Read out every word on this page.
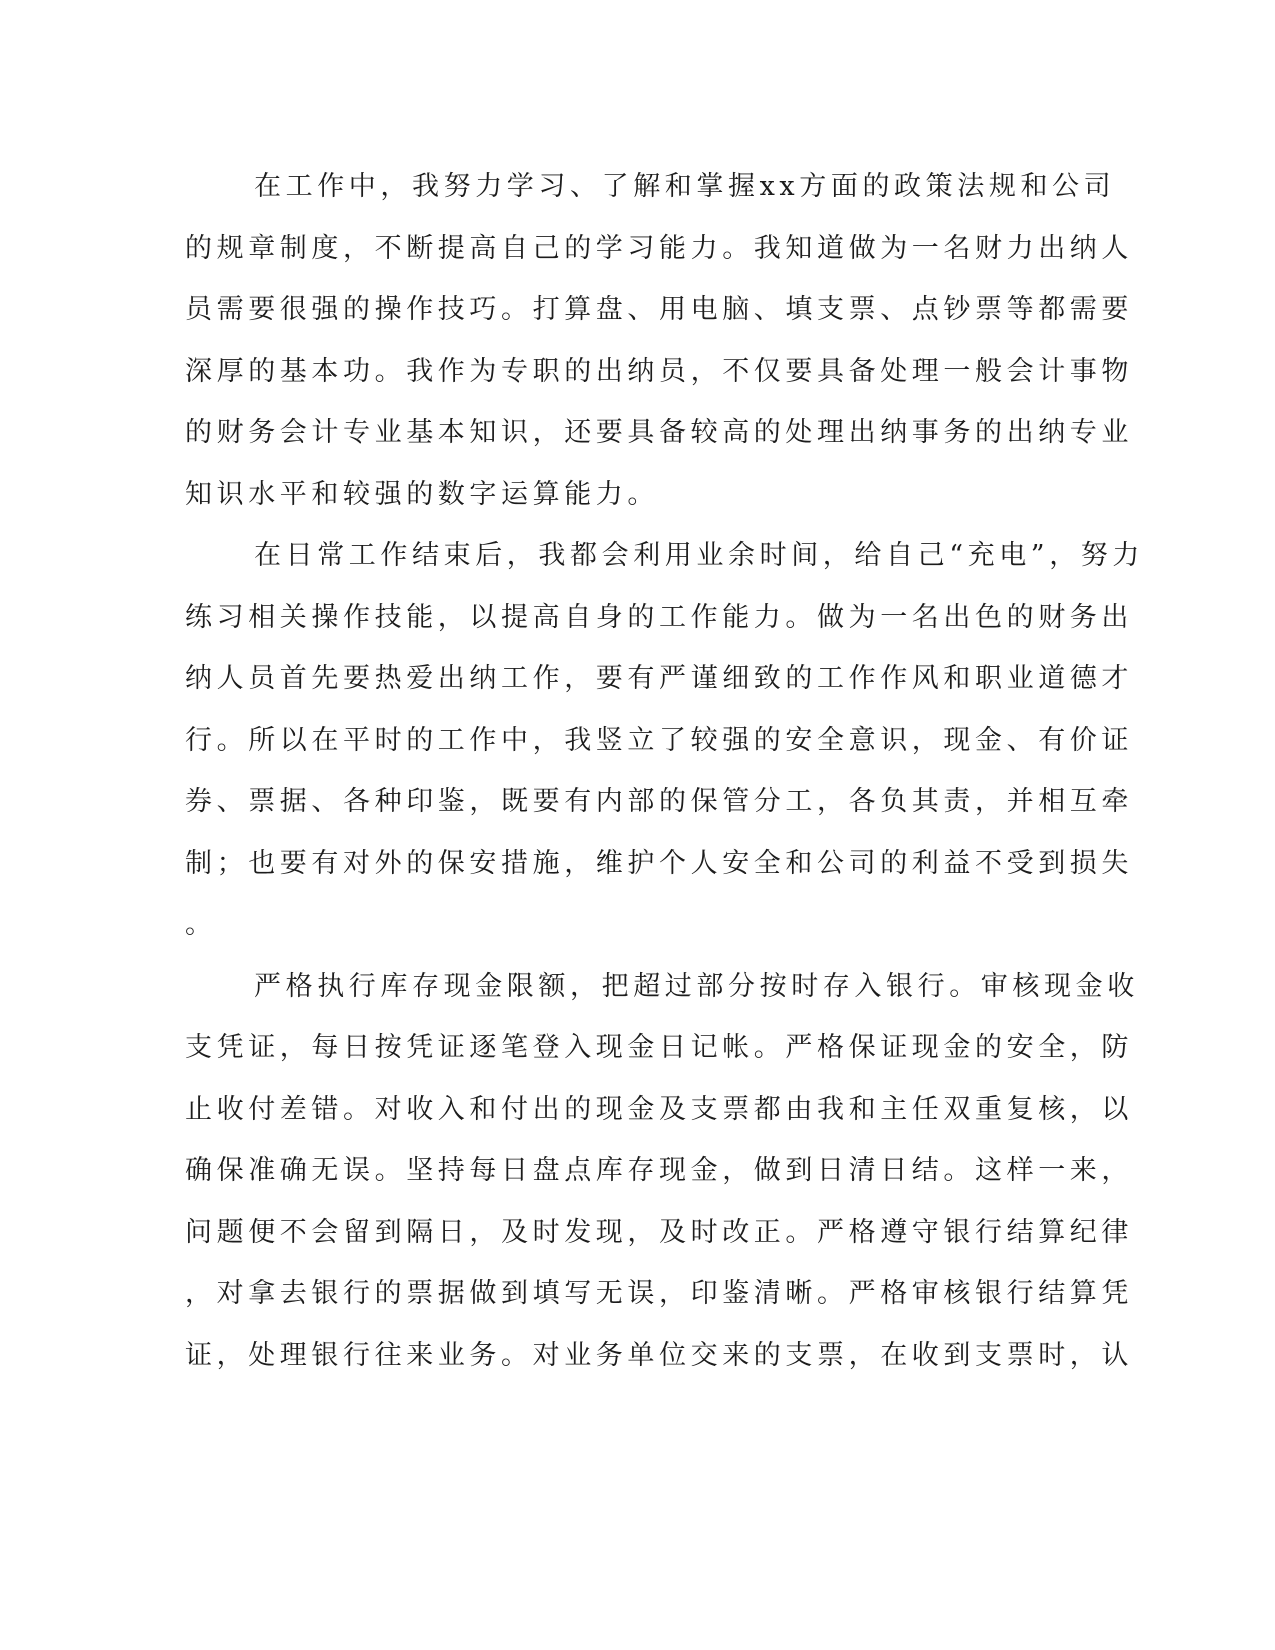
在工作中，我努力学习、了解和掌握xx方面的政策法规和公司
的规章制度，不断提高自己的学习能力。我知道做为一名财力出纳人
员需要很强的操作技巧。打算盘、用电脑、填支票、点钞票等都需要
深厚的基本功。我作为专职的出纳员，不仅要具备处理一般会计事物
的财务会计专业基本知识，还要具备较高的处理出纳事务的出纳专业
知识水平和较强的数字运算能力。
在日常工作结束后，我都会利用业余时间，给自己“充电”，努力
练习相关操作技能，以提高自身的工作能力。做为一名出色的财务出
纳人员首先要热爱出纳工作，要有严谨细致的工作作风和职业道德才
行。所以在平时的工作中，我竖立了较强的安全意识，现金、有价证
券、票据、各种印鉴，既要有内部的保管分工，各负其责，并相互牵
制；也要有对外的保安措施，维护个人安全和公司的利益不受到损失
。
严格执行库存现金限额，把超过部分按时存入银行。审核现金收
支凭证，每日按凭证逐笔登入现金日记帐。严格保证现金的安全，防
止收付差错。对收入和付出的现金及支票都由我和主任双重复核，以
确保准确无误。坚持每日盘点库存现金，做到日清日结。这样一来，
问题便不会留到隔日，及时发现，及时改正。严格遵守银行结算纪律
，对拿去银行的票据做到填写无误，印鉴清晰。严格审核银行结算凭
证，处理银行往来业务。对业务单位交来的支票，在收到支票时，认
